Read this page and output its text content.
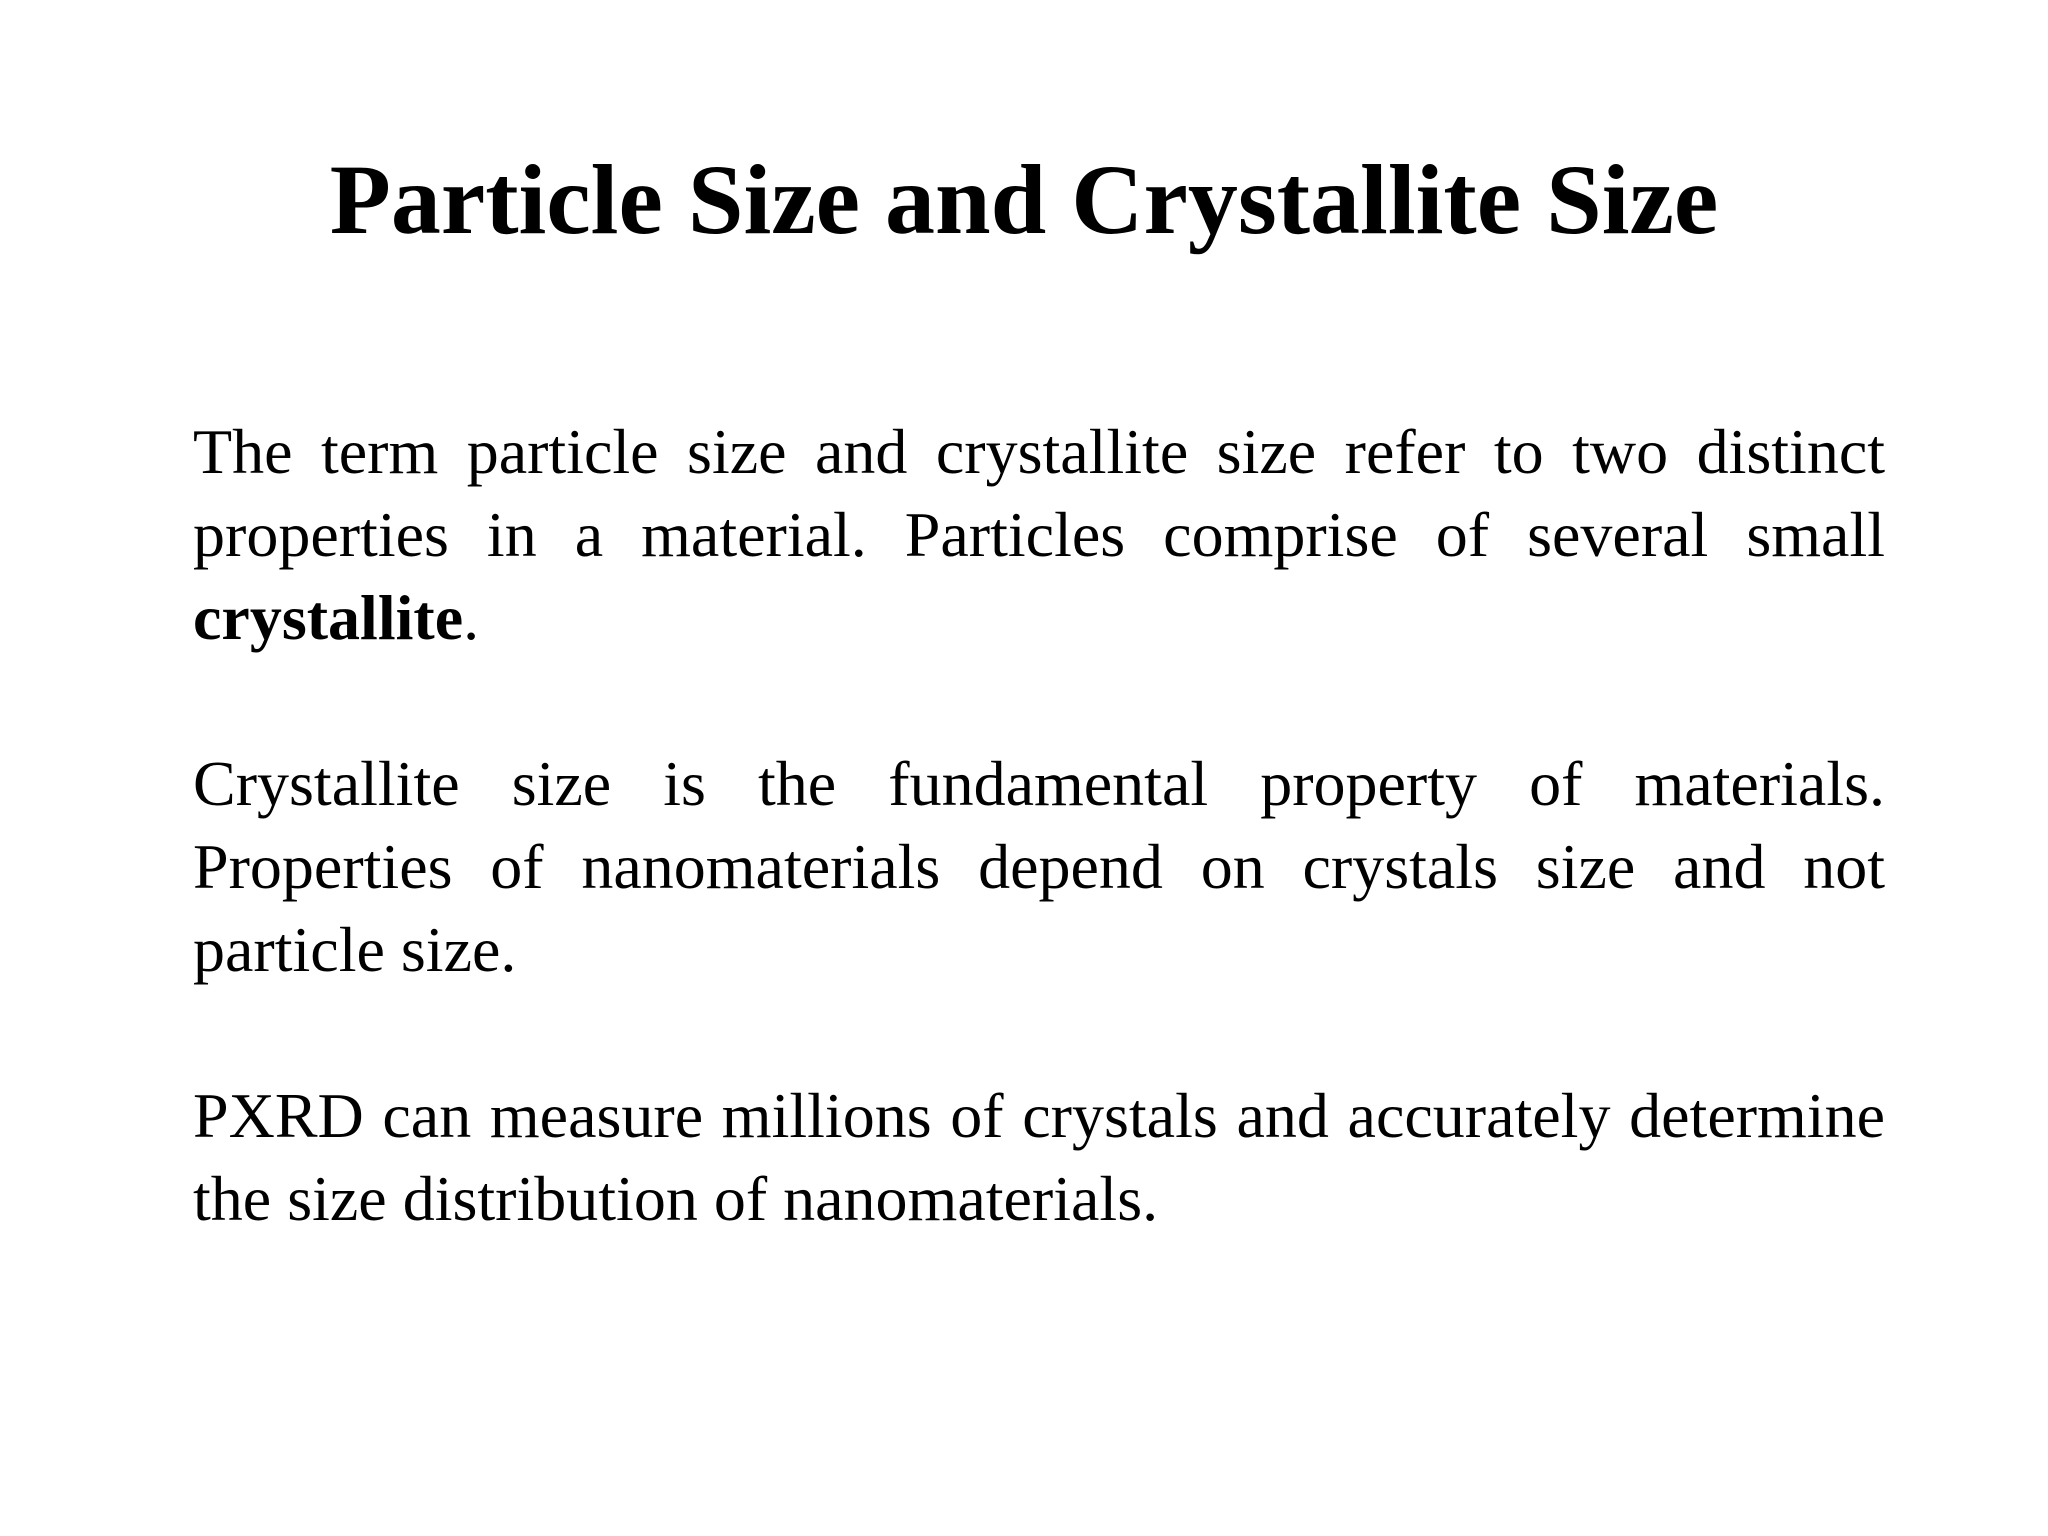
Particle Size and Crystallite Size

The term particle size and crystallite size refer to two distinct properties in a material. Particles comprise of several small crystallite.

Crystallite size is the fundamental property of materials. Properties of nanomaterials depend on crystals size and not particle size.

PXRD can measure millions of crystals and accurately determine the size distribution of nanomaterials.
